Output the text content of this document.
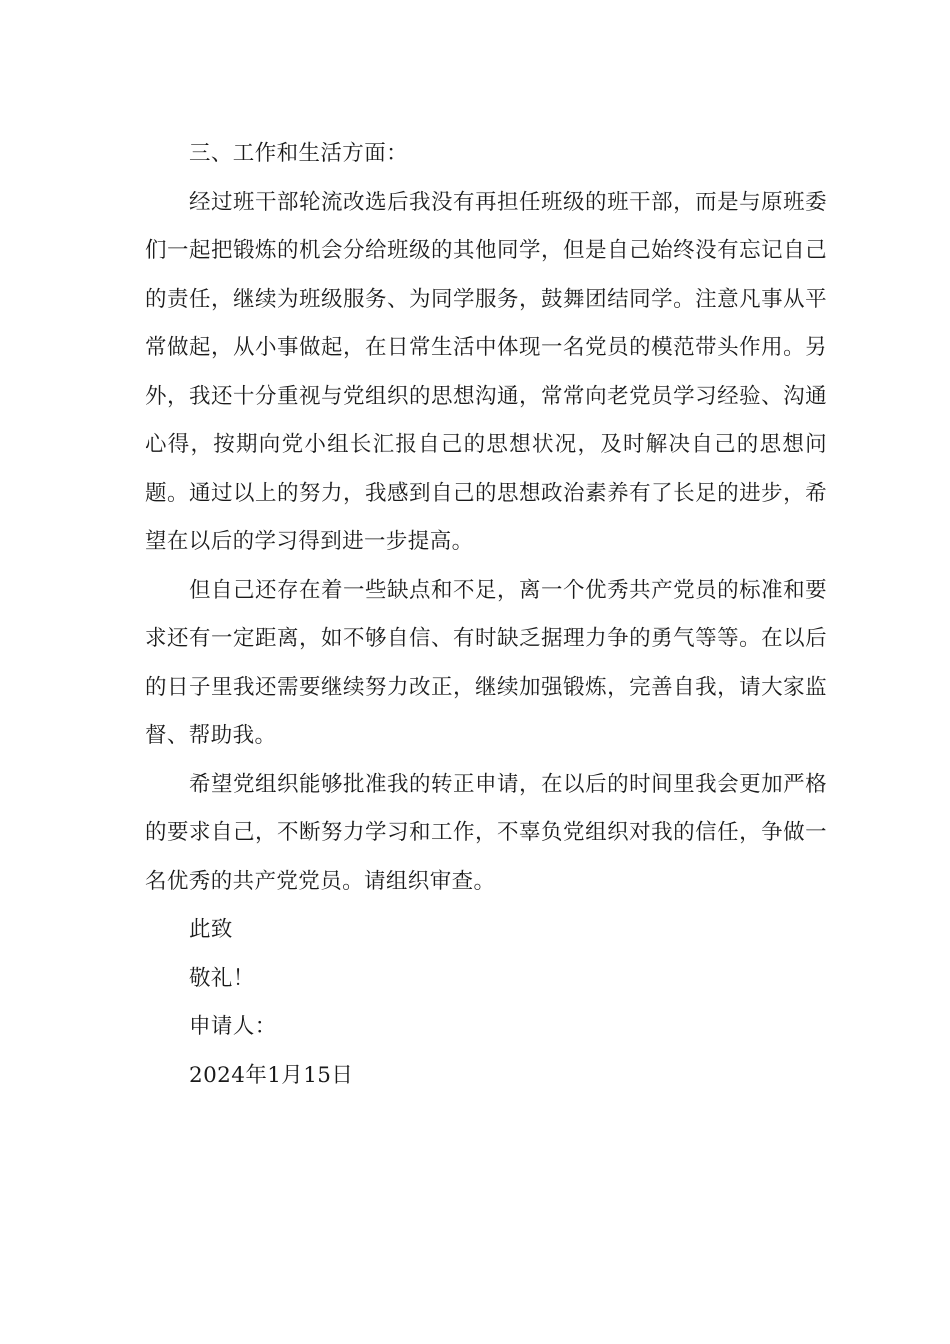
三、工作和生活方面：

经过班干部轮流改选后我没有再担任班级的班干部，而是与原班委们一起把锻炼的机会分给班级的其他同学，但是自己始终没有忘记自己的责任，继续为班级服务、为同学服务，鼓舞团结同学。注意凡事从平常做起，从小事做起，在日常生活中体现一名党员的模范带头作用。另外，我还十分重视与党组织的思想沟通，常常向老党员学习经验、沟通心得，按期向党小组长汇报自己的思想状况，及时解决自己的思想问题。通过以上的努力，我感到自己的思想政治素养有了长足的进步，希望在以后的学习得到进一步提高。

但自己还存在着一些缺点和不足，离一个优秀共产党员的标准和要求还有一定距离，如不够自信、有时缺乏据理力争的勇气等等。在以后的日子里我还需要继续努力改正，继续加强锻炼，完善自我，请大家监督、帮助我。

希望党组织能够批准我的转正申请，在以后的时间里我会更加严格的要求自己，不断努力学习和工作，不辜负党组织对我的信任，争做一名优秀的共产党党员。请组织审查。

此致

敬礼！

申请人：

2024年1月15日
